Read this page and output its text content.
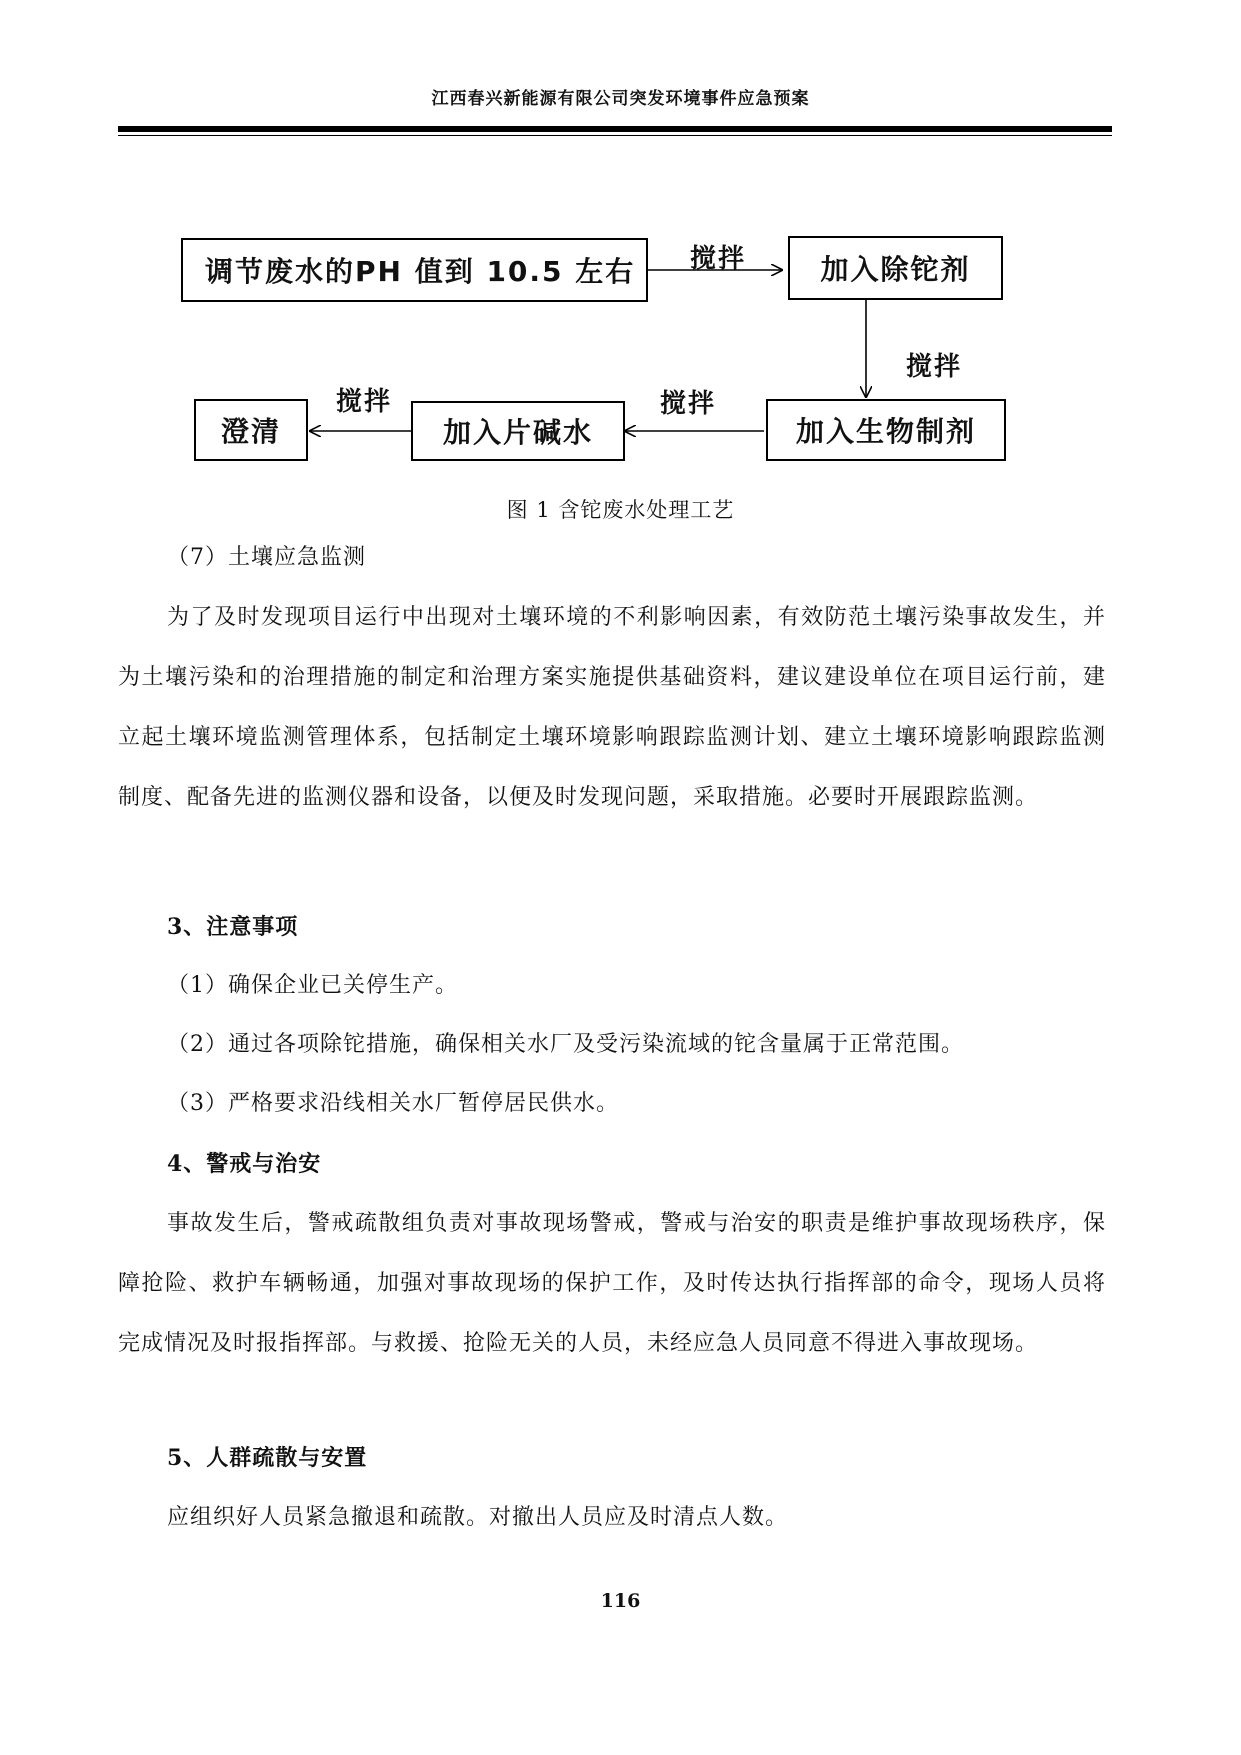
江西春兴新能源有限公司突发环境事件应急预案
调节废水的PH 值到 10.5 左右	加入除铊剂
加入生物制剂
加入片碱水
澄清
搅拌
搅拌
搅拌
搅拌
图 1 含铊废水处理工艺
（7）土壤应急监测
为了及时发现项目运行中出现对土壤环境的不利影响因素，有效防范土壤污染事故发生，并为土壤污染和的治理措施的制定和治理方案实施提供基础资料，建议建设单位在项目运行前，建立起土壤环境监测管理体系，包括制定土壤环境影响跟踪监测计划、建立土壤环境影响跟踪监测制度、配备先进的监测仪器和设备，以便及时发现问题，采取措施。必要时开展跟踪监测。
3、注意事项
（1）确保企业已关停生产。
（2）通过各项除铊措施，确保相关水厂及受污染流域的铊含量属于正常范围。
（3）严格要求沿线相关水厂暂停居民供水。
4、警戒与治安
事故发生后，警戒疏散组负责对事故现场警戒，警戒与治安的职责是维护事故现场秩序，保障抢险、救护车辆畅通，加强对事故现场的保护工作，及时传达执行指挥部的命令，现场人员将完成情况及时报指挥部。与救援、抢险无关的人员，未经应急人员同意不得进入事故现场。
5、人群疏散与安置
应组织好人员紧急撤退和疏散。对撤出人员应及时清点人数。
116
